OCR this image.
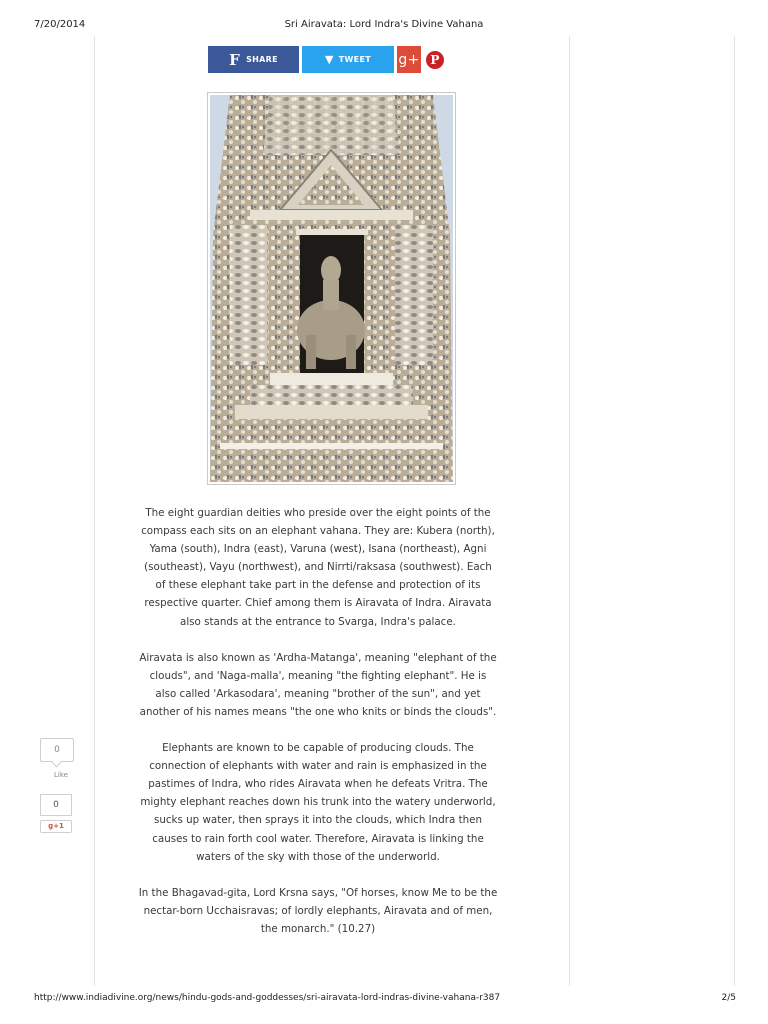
7/20/2014	Sri Airavata: Lord Indra's Divine Vahana
F SHARE	▼ TWEET g+ P

The eight guardian deities who preside over the eight points of the compass each sits on an elephant vahana. They are: Kubera (north), Yama (south), Indra (east), Varuna (west), Isana (northeast), Agni (southeast), Vayu (northwest), and Nirrti/raksasa (southwest). Each of these elephant take part in the defense and protection of its respective quarter. Chief among them is Airavata of Indra. Airavata also stands at the entrance to Svarga, Indra's palace.

Airavata is also known as 'Ardha-Matanga', meaning "elephant of the clouds", and 'Naga-malla', meaning "the fighting elephant". He is also called 'Arkasodara', meaning "brother of the sun", and yet another of his names means "the one who knits or binds the clouds".

Elephants are known to be capable of producing clouds. The connection of elephants with water and rain is emphasized in the pastimes of Indra, who rides Airavata when he defeats Vritra. The mighty elephant reaches down his trunk into the watery underworld, sucks up water, then sprays it into the clouds, which Indra then causes to rain forth cool water. Therefore, Airavata is linking the waters of the sky with those of the underworld.

In the Bhagavad-gita, Lord Krsna says, "Of horses, know Me to be the nectar-born Ucchaisravas; of lordly elephants, Airavata and of men, the monarch." (10.27)

0
Like
0
g+1
http://www.indiadivine.org/news/hindu-gods-and-goddesses/sri-airavata-lord-indras-divine-vahana-r387	2/5
